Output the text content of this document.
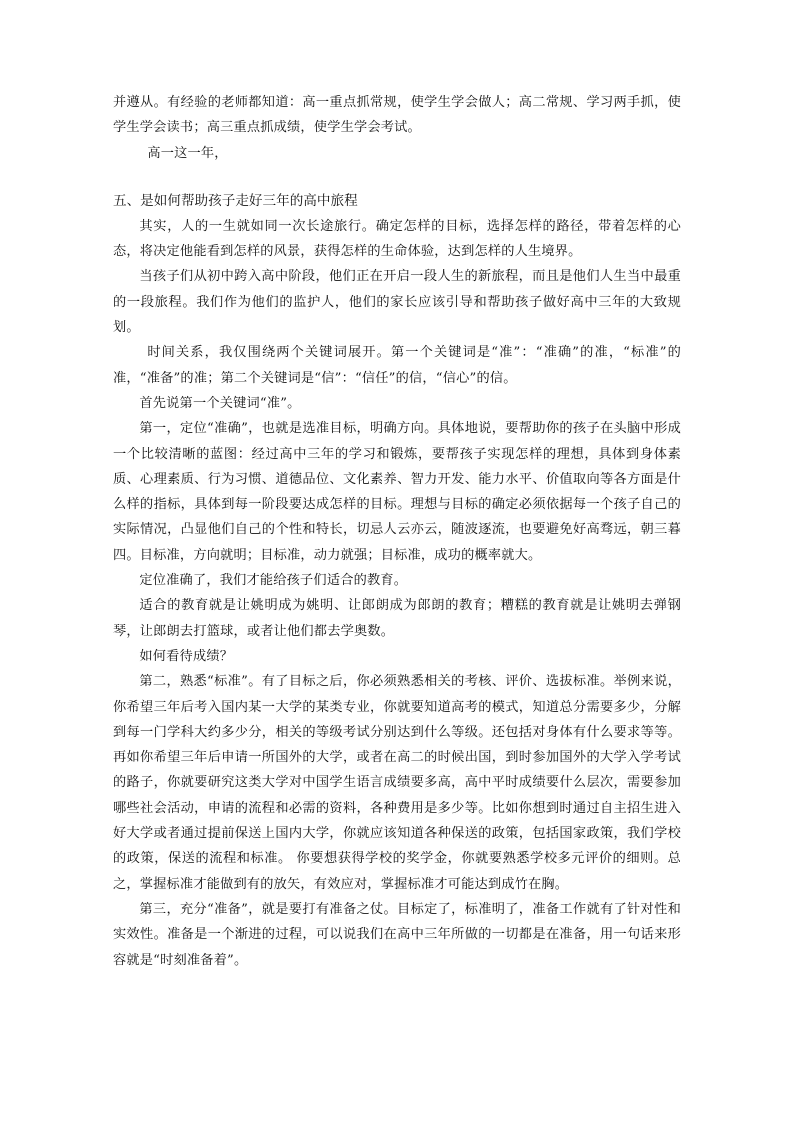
并遵从。有经验的老师都知道：高一重点抓常规，使学生学会做人；高二常规、学习两手抓，使学生学会读书；高三重点抓成绩，使学生学会考试。

高一这一年，

五、是如何帮助孩子走好三年的高中旅程

其实，人的一生就如同一次长途旅行。确定怎样的目标，选择怎样的路径，带着怎样的心态，将决定他能看到怎样的风景，获得怎样的生命体验，达到怎样的人生境界。

当孩子们从初中跨入高中阶段，他们正在开启一段人生的新旅程，而且是他们人生当中最重的一段旅程。我们作为他们的监护人，他们的家长应该引导和帮助孩子做好高中三年的大致规划。

时间关系，我仅围绕两个关键词展开。第一个关键词是“准”：“准确”的准，“标准”的准，“准备”的准；第二个关键词是“信”：“信任”的信，“信心”的信。

首先说第一个关键词“准”。

第一，定位“准确”，也就是选准目标，明确方向。具体地说，要帮助你的孩子在头脑中形成一个比较清晰的蓝图：经过高中三年的学习和锻炼，要帮孩子实现怎样的理想，具体到身体素质、心理素质、行为习惯、道德品位、文化素养、智力开发、能力水平、价值取向等各方面是什么样的指标，具体到每一阶段要达成怎样的目标。理想与目标的确定必须依据每一个孩子自己的实际情况，凸显他们自己的个性和特长，切忌人云亦云，随波逐流，也要避免好高骛远，朝三暮四。目标准，方向就明；目标准，动力就强；目标准，成功的概率就大。

定位准确了，我们才能给孩子们适合的教育。

适合的教育就是让姚明成为姚明、让郎朗成为郎朗的教育；糟糕的教育就是让姚明去弹钢琴，让郎朗去打篮球，或者让他们都去学奥数。

如何看待成绩？

第二，熟悉“标准”。有了目标之后，你必须熟悉相关的考核、评价、选拔标准。举例来说，你希望三年后考入国内某一大学的某类专业，你就要知道高考的模式，知道总分需要多少，分解到每一门学科大约多少分，相关的等级考试分别达到什么等级。还包括对身体有什么要求等等。再如你希望三年后申请一所国外的大学，或者在高二的时候出国，到时参加国外的大学入学考试的路子，你就要研究这类大学对中国学生语言成绩要多高，高中平时成绩要什么层次，需要参加哪些社会活动，申请的流程和必需的资料，各种费用是多少等。比如你想到时通过自主招生进入好大学或者通过提前保送上国内大学，你就应该知道各种保送的政策，包括国家政策，我们学校的政策，保送的流程和标准。 你要想获得学校的奖学金，你就要熟悉学校多元评价的细则。总之，掌握标准才能做到有的放矢，有效应对，掌握标准才可能达到成竹在胸。

第三，充分“准备”，就是要打有准备之仗。目标定了，标准明了，准备工作就有了针对性和实效性。准备是一个渐进的过程，可以说我们在高中三年所做的一切都是在准备，用一句话来形容就是“时刻准备着”。
